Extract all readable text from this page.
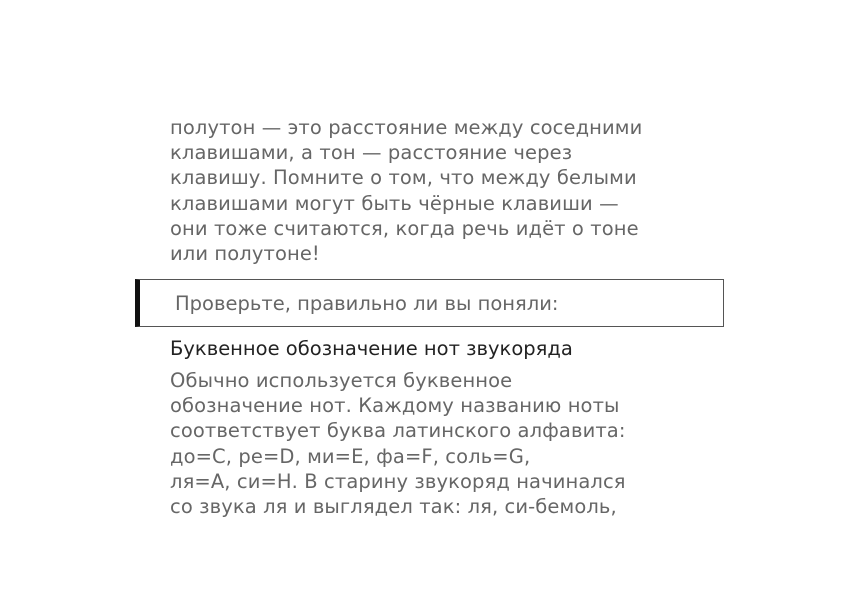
полутон — это расстояние между соседними
клавишами, а тон — расстояние через
клавишу. Помните о том, что между белыми
клавишами могут быть чёрные клавиши —
они тоже считаются, когда речь идёт о тоне
или полутоне!
Проверьте, правильно ли вы поняли:
Буквенное обозначение нот звукоряда
Обычно используется буквенное
обозначение нот. Каждому названию ноты
соответствует буква латинского алфавита:
до=С, ре=D, ми=Е, фа=F, соль=G,
ля=А, си=Н. В старину звукоряд начинался
со звука ля и выглядел так: ля, си-бемоль,
